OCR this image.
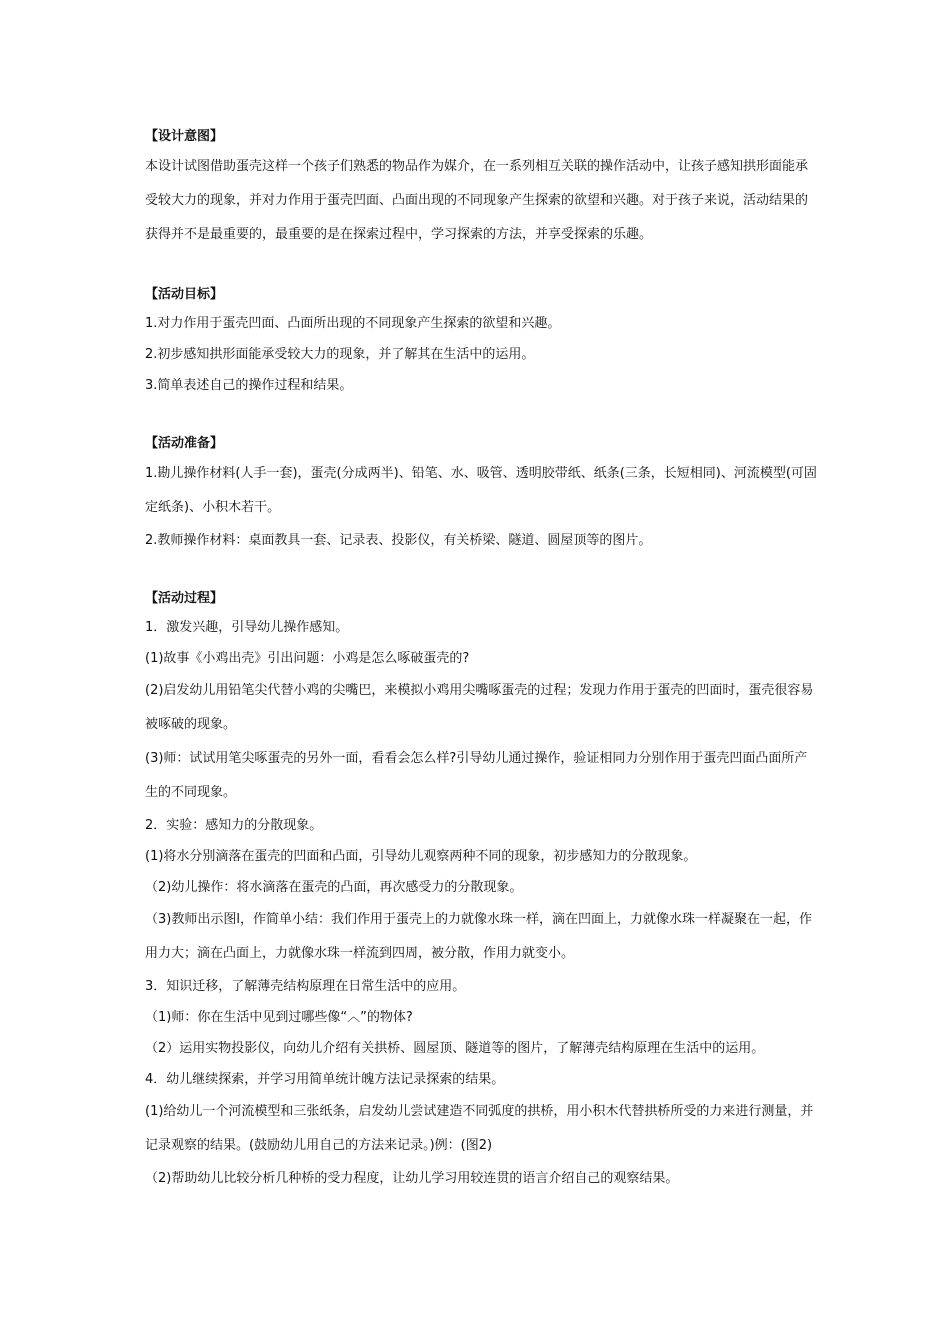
【设计意图】

本设计试图借助蛋壳这样一个孩子们熟悉的物品作为媒介，在一系列相互关联的操作活动中，让孩子感知拱形面能承受较大力的现象，并对力作用于蛋壳凹面、凸面出现的不同现象产生探索的欲望和兴趣。对于孩子来说，活动结果的获得并不是最重要的，最重要的是在探索过程中，学习探索的方法，并享受探索的乐趣。

【活动目标】

1.对力作用于蛋壳凹面、凸面所出现的不同现象产生探索的欲望和兴趣。

2.初步感知拱形面能承受较大力的现象，并了解其在生活中的运用。

3.简单表述自己的操作过程和结果。

【活动准备】

1.勘儿操作材料(人手一套)，蛋壳(分成两半)、铅笔、水、吸管、透明胶带纸、纸条(三条，长短相同)、河流模型(可固定纸条)、小积木若干。

2.教师操作材料：桌面教具一套、记录表、投影仪，有关桥梁、隧道、圆屋顶等的图片。

【活动过程】

1．激发兴趣，引导幼儿操作感知。

(1)故事《小鸡出壳》引出问题：小鸡是怎么啄破蛋壳的?

(2)启发幼儿用铅笔尖代替小鸡的尖嘴巴，来模拟小鸡用尖嘴啄蛋壳的过程；发现力作用于蛋壳的凹面时，蛋壳很容易被啄破的现象。

(3)师：试试用笔尖啄蛋壳的另外一面，看看会怎么样?引导幼儿通过操作，验证相同力分别作用于蛋壳凹面凸面所产生的不同现象。

2．实验：感知力的分散现象。

(1)将水分别滴落在蛋壳的凹面和凸面，引导幼儿观察两种不同的现象，初步感知力的分散现象。

（2)幼儿操作：将水滴落在蛋壳的凸面，再次感受力的分散现象。

（3)教师出示图l，作简单小结：我们作用于蛋壳上的力就像水珠一样，滴在凹面上，力就像水珠一样凝聚在一起，作用力大；滴在凸面上，力就像水珠一样流到四周，被分散，作用力就变小。

3．知识迁移，了解薄壳结构原理在日常生活中的应用。

（1)师：你在生活中见到过哪些像“︿”的物体?

（2）运用实物投影仪，向幼儿介绍有关拱桥、圆屋顶、隧道等的图片，了解薄壳结构原理在生活中的运用。

4．幼儿继续探索，并学习用简单统计魄方法记录探索的结果。

(1)给幼儿一个河流模型和三张纸条，启发幼儿尝试建造不同弧度的拱桥，用小积木代替拱桥所受的力来进行测量，并记录观察的结果。(鼓励幼儿用自己的方法来记录。)例：(图2)

（2)帮助幼儿比较分析几种桥的受力程度，让幼儿学习用较连贯的语言介绍自己的观察结果。
